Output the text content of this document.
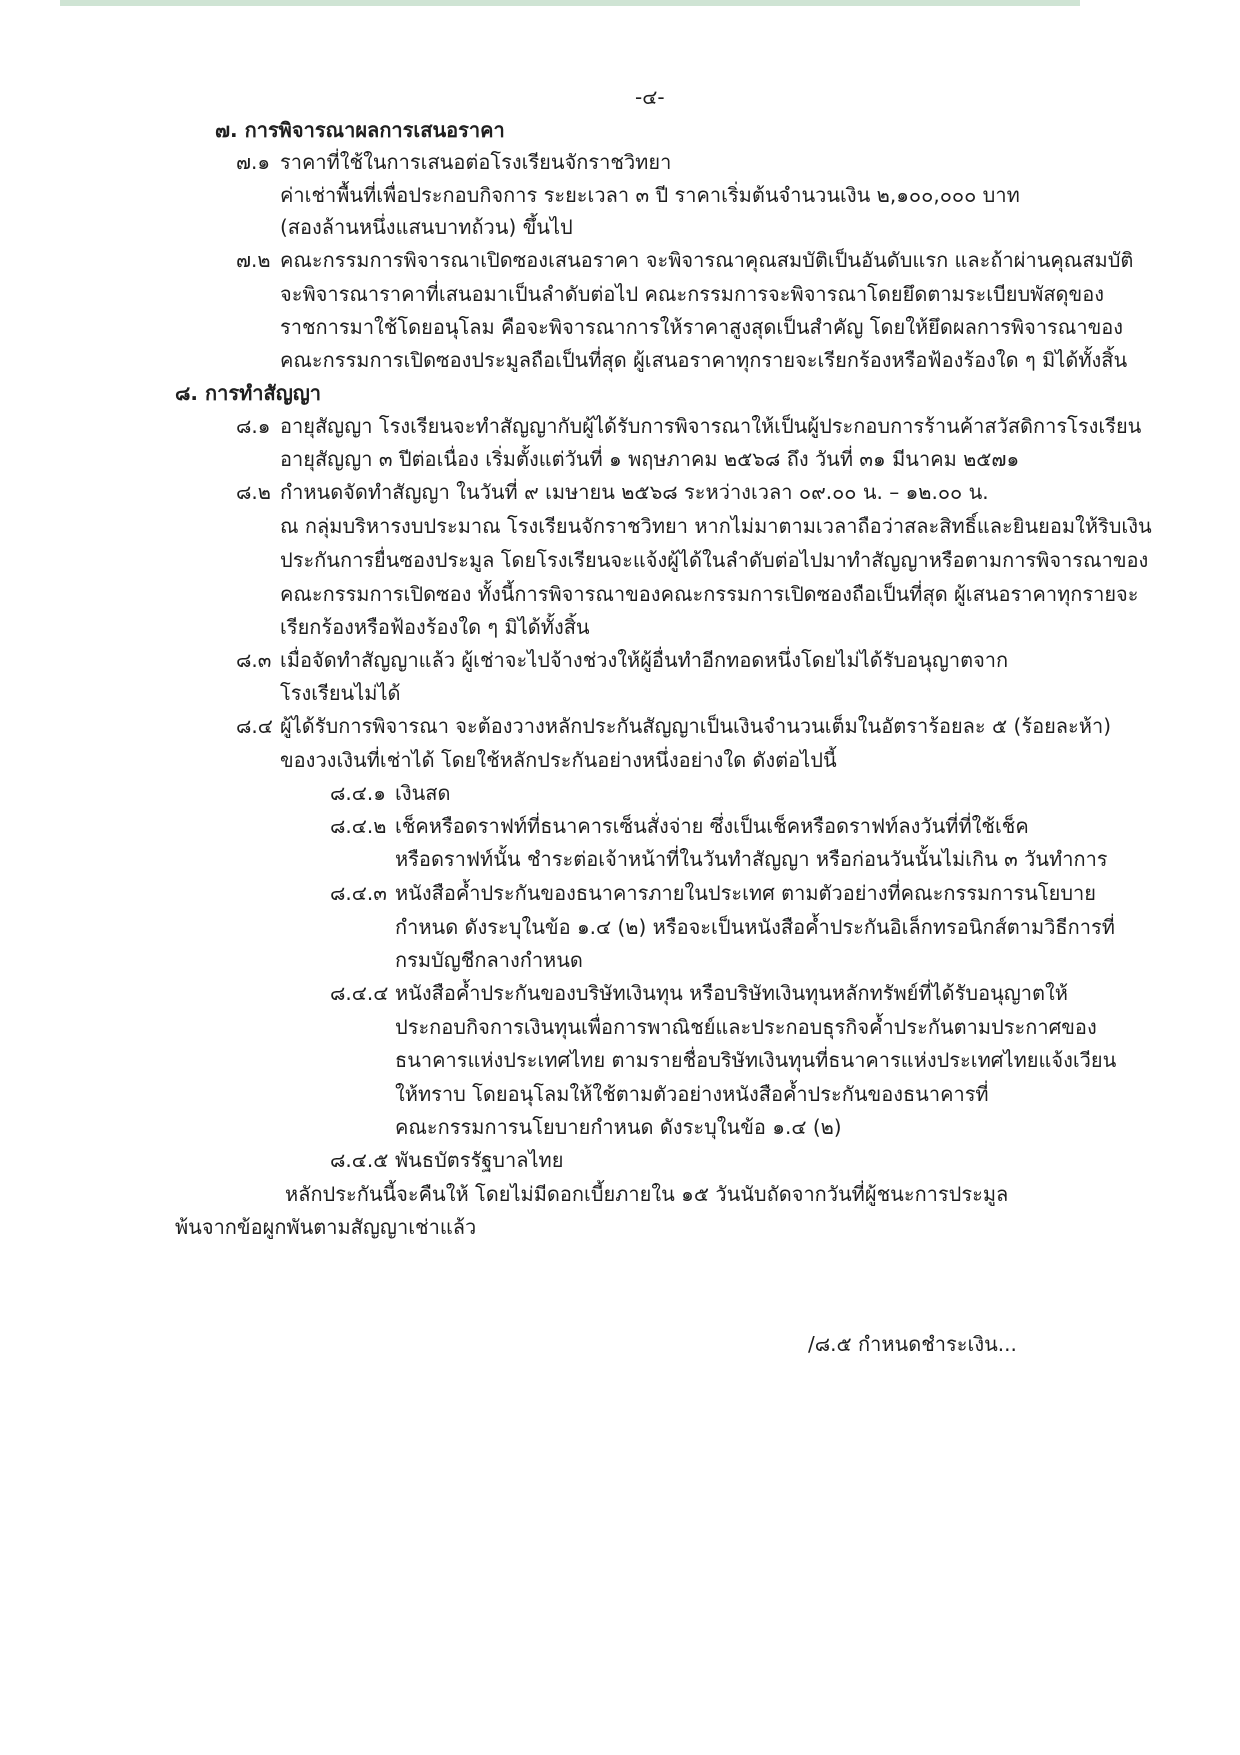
-๔-
๗. การพิจารณาผลการเสนอราคา
๗.๑ ราคาที่ใช้ในการเสนอต่อโรงเรียนจักราชวิทยา
ค่าเช่าพื้นที่เพื่อประกอบกิจการ ระยะเวลา ๓ ปี ราคาเริ่มต้นจำนวนเงิน ๒,๑๐๐,๐๐๐ บาท
(สองล้านหนึ่งแสนบาทถ้วน) ขึ้นไป
๗.๒ คณะกรรมการพิจารณาเปิดซองเสนอราคา จะพิจารณาคุณสมบัติเป็นอันดับแรก และถ้าผ่านคุณสมบัติ
จะพิจารณาราคาที่เสนอมาเป็นลำดับต่อไป คณะกรรมการจะพิจารณาโดยยึดตามระเบียบพัสดุของ
ราชการมาใช้โดยอนุโลม คือจะพิจารณาการให้ราคาสูงสุดเป็นสำคัญ โดยให้ยึดผลการพิจารณาของ
คณะกรรมการเปิดซองประมูลถือเป็นที่สุด ผู้เสนอราคาทุกรายจะเรียกร้องหรือฟ้องร้องใด ๆ มิได้ทั้งสิ้น
๘. การทำสัญญา
๘.๑ อายุสัญญา โรงเรียนจะทำสัญญากับผู้ได้รับการพิจารณาให้เป็นผู้ประกอบการร้านค้าสวัสดิการโรงเรียน
อายุสัญญา ๓ ปีต่อเนื่อง เริ่มตั้งแต่วันที่ ๑ พฤษภาคม ๒๕๖๘ ถึง วันที่ ๓๑ มีนาคม ๒๕๗๑
๘.๒ กำหนดจัดทำสัญญา ในวันที่ ๙ เมษายน ๒๕๖๘ ระหว่างเวลา ๐๙.๐๐ น. – ๑๒.๐๐ น.
ณ กลุ่มบริหารงบประมาณ โรงเรียนจักราชวิทยา หากไม่มาตามเวลาถือว่าสละสิทธิ์และยินยอมให้ริบเงิน
ประกันการยื่นซองประมูล โดยโรงเรียนจะแจ้งผู้ได้ในลำดับต่อไปมาทำสัญญาหรือตามการพิจารณาของ
คณะกรรมการเปิดซอง ทั้งนี้การพิจารณาของคณะกรรมการเปิดซองถือเป็นที่สุด ผู้เสนอราคาทุกรายจะ
เรียกร้องหรือฟ้องร้องใด ๆ มิได้ทั้งสิ้น
๘.๓ เมื่อจัดทำสัญญาแล้ว ผู้เช่าจะไปจ้างช่วงให้ผู้อื่นทำอีกทอดหนึ่งโดยไม่ได้รับอนุญาตจาก
โรงเรียนไม่ได้
๘.๔ ผู้ได้รับการพิจารณา จะต้องวางหลักประกันสัญญาเป็นเงินจำนวนเต็มในอัตราร้อยละ ๕ (ร้อยละห้า)
ของวงเงินที่เช่าได้ โดยใช้หลักประกันอย่างหนึ่งอย่างใด ดังต่อไปนี้
๘.๔.๑ เงินสด
๘.๔.๒ เช็คหรือดราฟท์ที่ธนาคารเซ็นสั่งจ่าย ซึ่งเป็นเช็คหรือดราฟท์ลงวันที่ที่ใช้เช็ค
หรือดราฟท์นั้น ชำระต่อเจ้าหน้าที่ในวันทำสัญญา หรือก่อนวันนั้นไม่เกิน ๓ วันทำการ
๘.๔.๓ หนังสือค้ำประกันของธนาคารภายในประเทศ ตามตัวอย่างที่คณะกรรมการนโยบาย
กำหนด ดังระบุในข้อ ๑.๔ (๒) หรือจะเป็นหนังสือค้ำประกันอิเล็กทรอนิกส์ตามวิธีการที่
กรมบัญชีกลางกำหนด
๘.๔.๔ หนังสือค้ำประกันของบริษัทเงินทุน หรือบริษัทเงินทุนหลักทรัพย์ที่ได้รับอนุญาตให้
ประกอบกิจการเงินทุนเพื่อการพาณิชย์และประกอบธุรกิจค้ำประกันตามประกาศของ
ธนาคารแห่งประเทศไทย ตามรายชื่อบริษัทเงินทุนที่ธนาคารแห่งประเทศไทยแจ้งเวียน
ให้ทราบ โดยอนุโลมให้ใช้ตามตัวอย่างหนังสือค้ำประกันของธนาคารที่
คณะกรรมการนโยบายกำหนด ดังระบุในข้อ ๑.๔ (๒)
๘.๔.๕ พันธบัตรรัฐบาลไทย
หลักประกันนี้จะคืนให้ โดยไม่มีดอกเบี้ยภายใน ๑๕ วันนับถัดจากวันที่ผู้ชนะการประมูล
พ้นจากข้อผูกพันตามสัญญาเช่าแล้ว
/๘.๕ กำหนดชำระเงิน...
